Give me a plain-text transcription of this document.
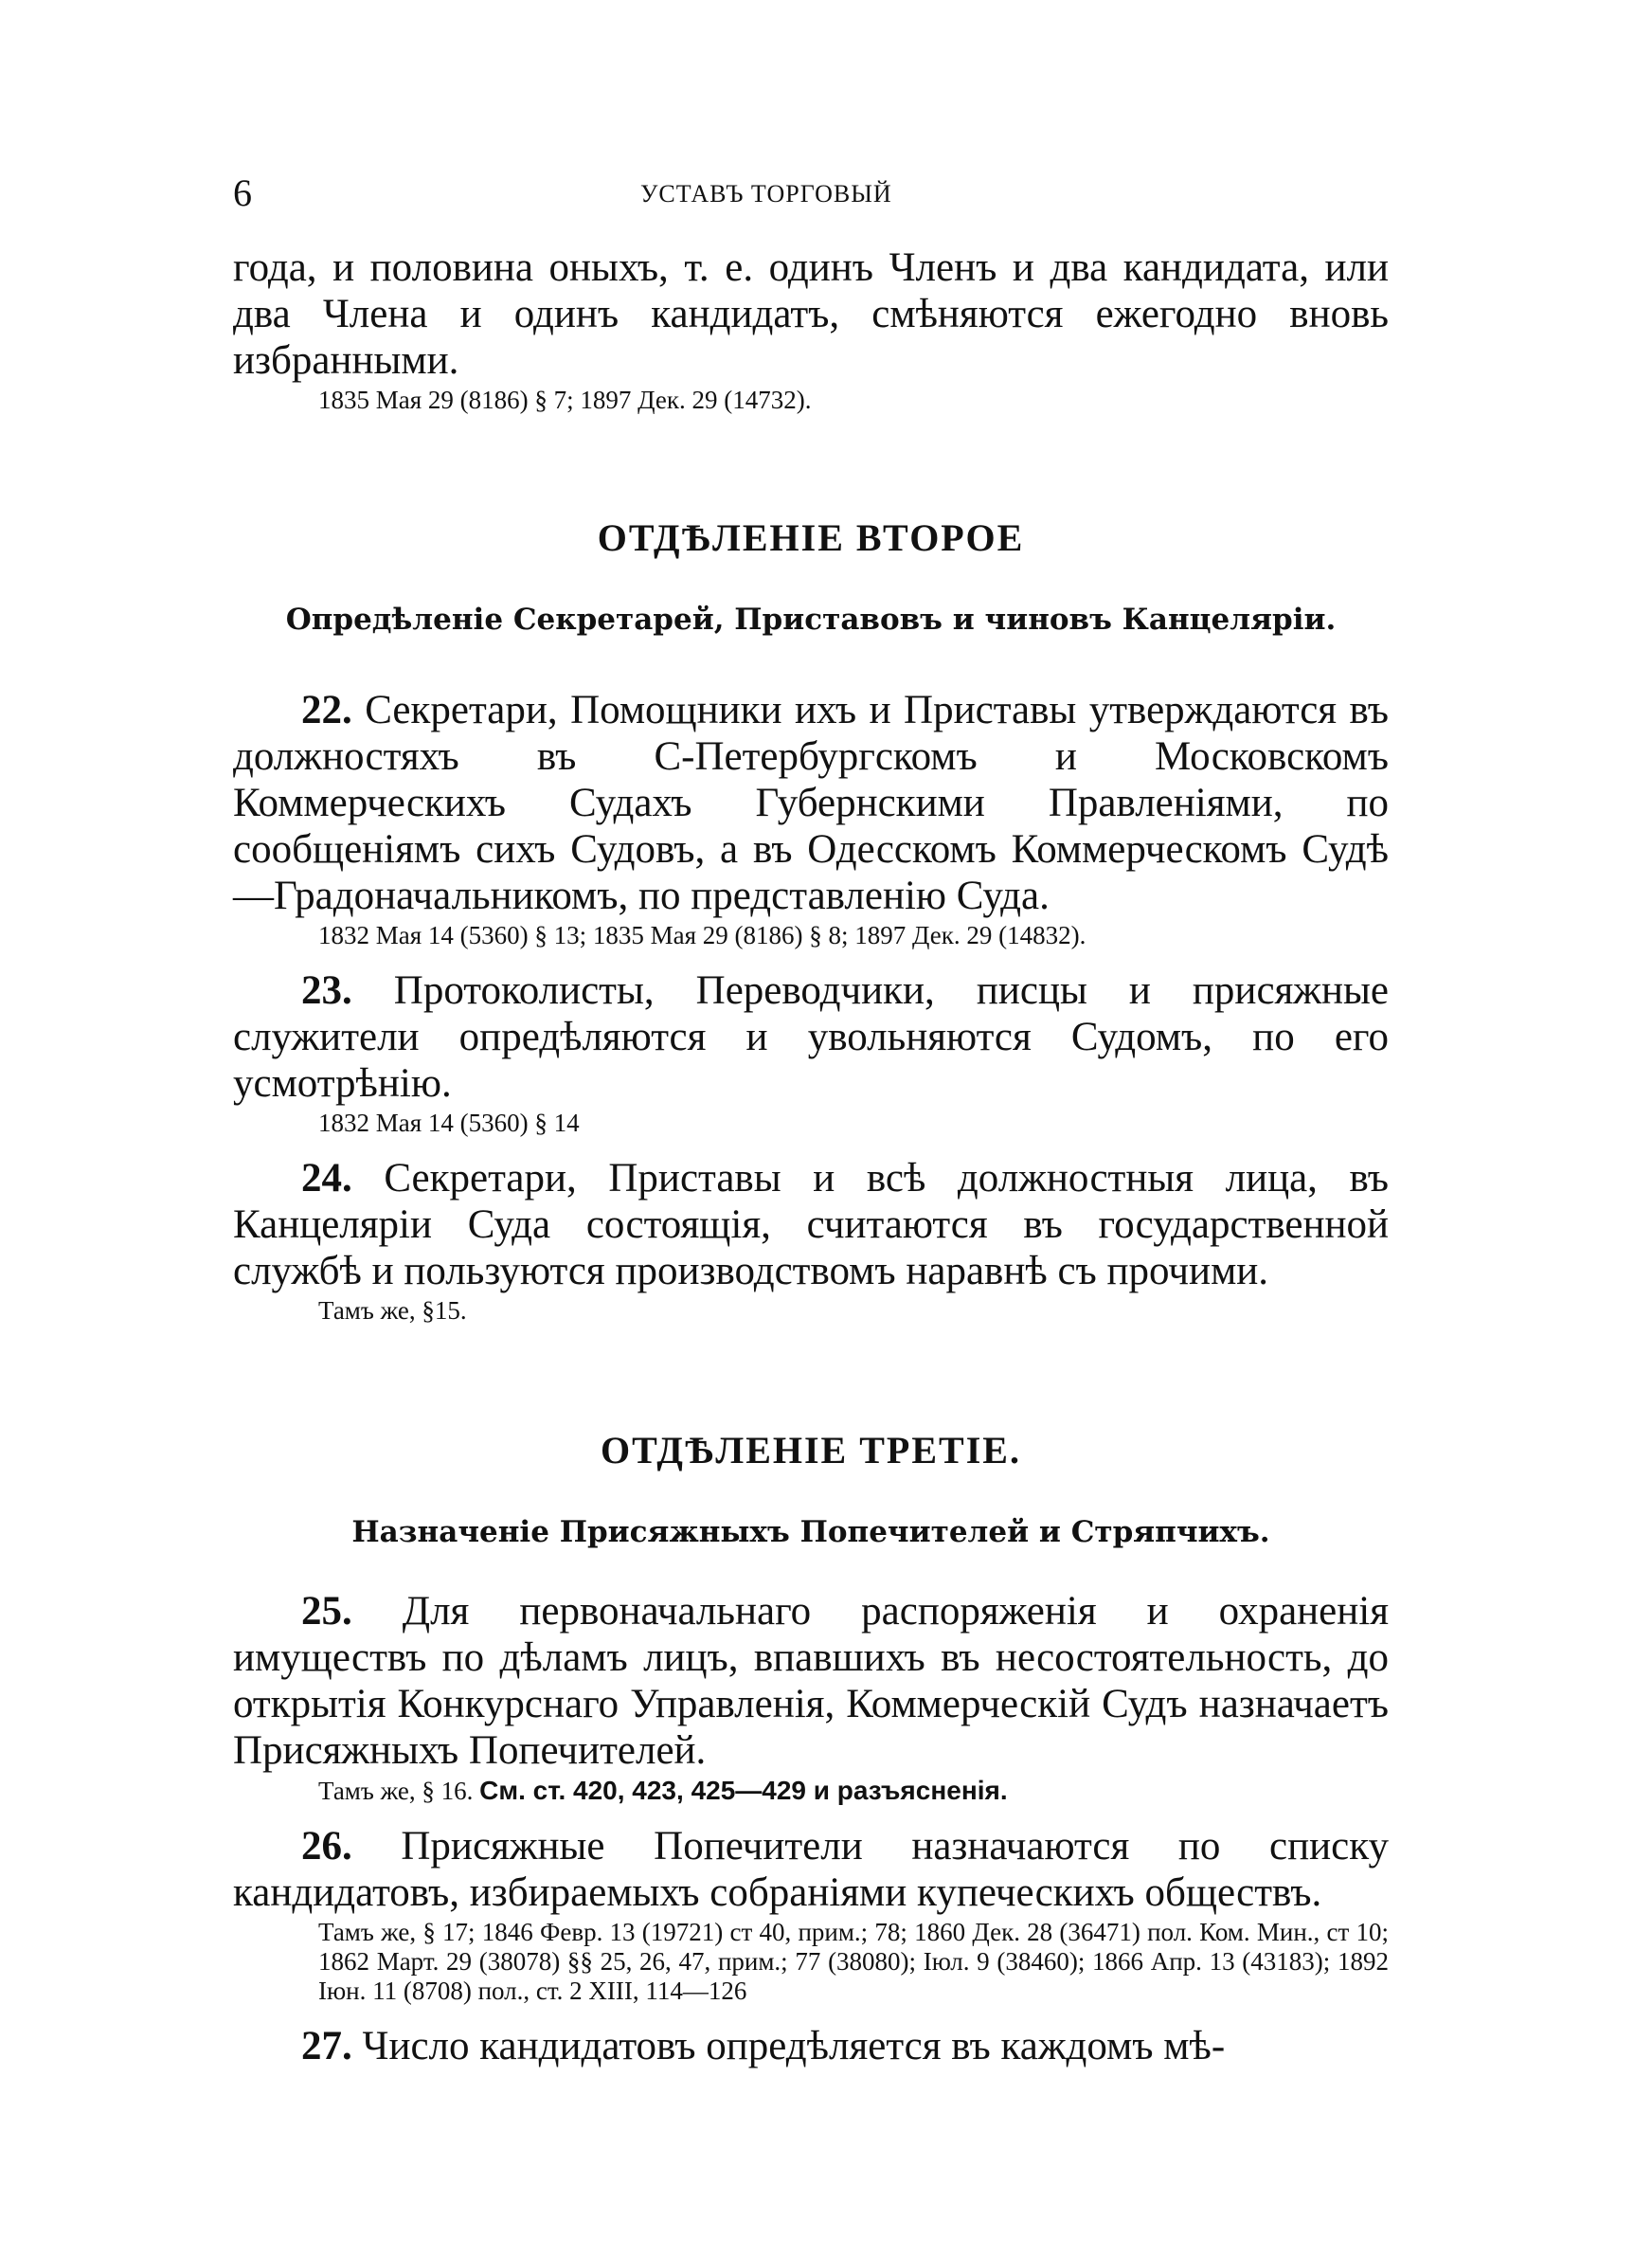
6	УСТАВЪ ТОРГОВЫЙ

года, и половина оныхъ, т. е. одинъ Членъ и два кандидата, или два Члена и одинъ кандидатъ, смѣняются ежегодно вновь избранными.

1835 Мая 29 (8186) § 7; 1897 Дек. 29 (14732).
ОТДѢЛЕНІЕ ВТОРОЕ
Опредѣленіе Секретарей, Приставовъ и чиновъ Канцеляріи.

22. Секретари, Помощники ихъ и Приставы утверждаются въ должностяхъ въ С-Петербургскомъ и Московскомъ Коммерческихъ Судахъ Губернскими Правленіями, по сообщеніямъ сихъ Судовъ, а въ Одесскомъ Коммерческомъ Судѣ—Градоначальникомъ, по представленію Суда.

1832 Мая 14 (5360) § 13; 1835 Мая 29 (8186) § 8; 1897 Дек. 29 (14832).

23. Протоколисты, Переводчики, писцы и присяжные служители опредѣляются и увольняются Судомъ, по его усмотрѣнію.

1832 Мая 14 (5360) § 14

24. Секретари, Приставы и всѣ должностныя лица, въ Канцеляріи Суда состоящія, считаются въ государственной службѣ и пользуются производствомъ наравнѣ съ прочими.

Тамъ же, §15.
ОТДѢЛЕНІЕ ТРЕТІЕ.
Назначеніе Присяжныхъ Попечителей и Стряпчихъ.

25. Для первоначальнаго распоряженія и охраненія имуществъ по дѣламъ лицъ, впавшихъ въ несостоятельность, до открытія Конкурснаго Управленія, Коммерческій Судъ назначаетъ Присяжныхъ Попечителей.

Тамъ же, § 16. См. ст. 420, 423, 425—429 и разъясненія.

26. Присяжные Попечители назначаются по списку кандидатовъ, избираемыхъ собраніями купеческихъ обществъ.

Тамъ же, § 17; 1846 Февр. 13 (19721) ст 40, прим.; 78; 1860 Дек. 28 (36471) пол. Ком. Мин., ст 10; 1862 Март. 29 (38078) §§ 25, 26, 47, прим.; 77 (38080); Іюл. 9 (38460); 1866 Апр. 13 (43183); 1892 Іюн. 11 (8708) пол., ст. 2 XIII, 114—126

27. Число кандидатовъ опредѣляется въ каждомъ мѣ-
